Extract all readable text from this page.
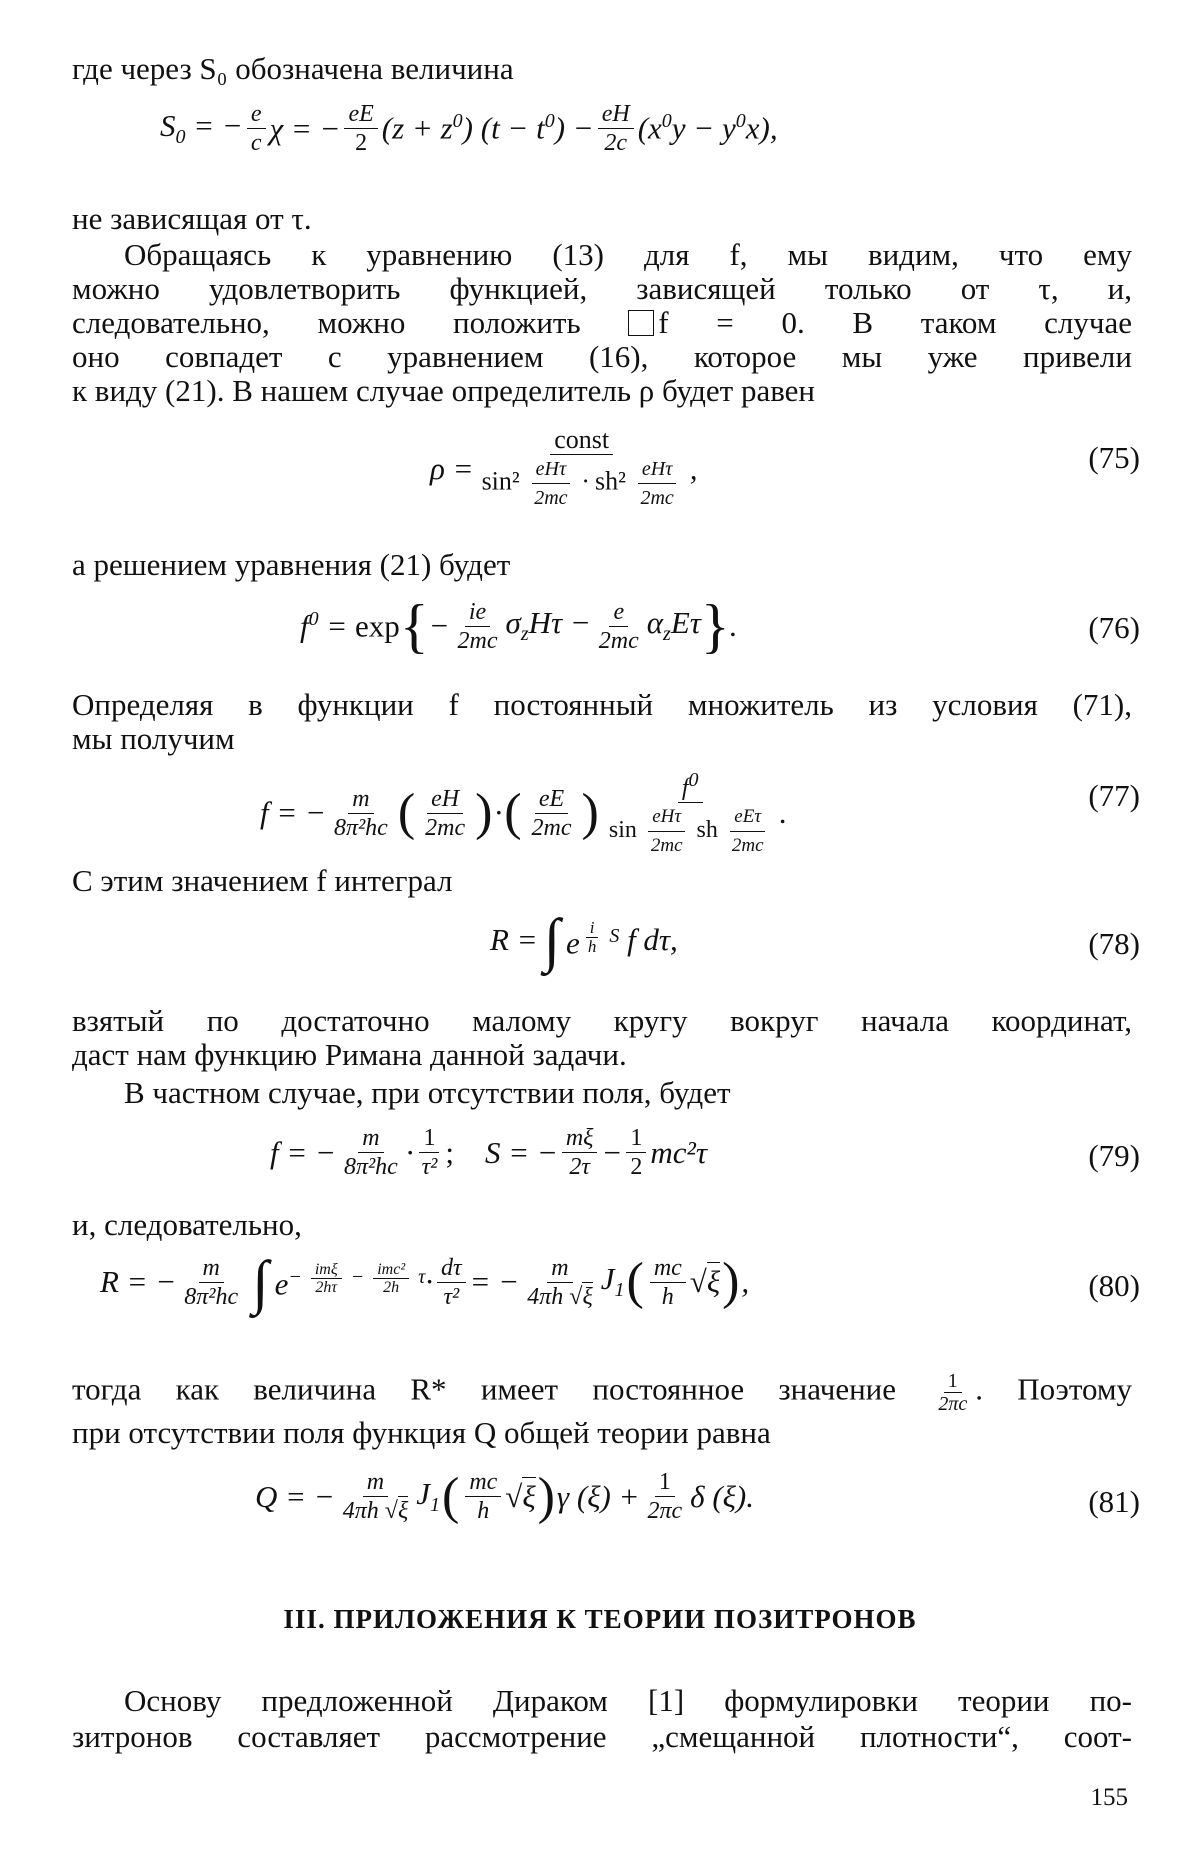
где через S₀ обозначена величина
$S_0$ = − $\frac{e}{c}$ χ = − $\frac{eE}{2} (z + z^0) (t - t^0) - \frac{eH}{2c} (x^0y - y^0x)$,
не зависящая от τ.
Обращаясь к уравнению (13) для f, мы видим, что ему
можно удовлетворить функцией, зависящей только от τ, и,
следовательно, можно положить	f = 0. В таком случае
оно совпадет с уравнением (16), которое мы уже привели
к виду (21). В нашем случае определитель ρ будет равен
$\rho = \frac{\text{const}}{\sin^2 \frac{\text{eHτ}}{2mc} \cdot sh^2 \frac{\text{eHτ}}{2mc}}$ ,	(75)
а решением уравнения (21) будет
$f^0 = \exp$ { − $\frac{ie}{2mc} \sigma_zH\tau - \frac{e}{2mc} \alpha_zE\tau$ } .	(76)
Определяя в функции f постоянный множитель из условия (71),
мы получим
f = − $\frac{m}{\text{8π²hc}}$ ( $\frac{eH}{2mc}$ ) · ( $\frac{eE}{2mc}$ ) $\frac{f^0}{\sin \frac{\text{eHτ}}{2mc} sh \frac{\text{eEτ}}{2mc}}$ .	(77)
С этим значением f интеграл
R = ∫ e $^{\frac{i}{h} S}$ f dτ,	(78)
взятый по достаточно малому кругу вокруг начала координат,
даст нам функцию Римана данной задачи.
В частном случае, при отсутствии поля, будет
f = − $\frac{m}{\text{8π²hc}} \cdot \frac{1}{\text{τ²}}$ ; S = − $\frac{m\xi}{2\tau} - \frac{1}{2} mc^2\tau$	(79)
и, следовательно,
R = − $\frac{m}{\text{8π²hc}}$ ∫ $e^{- \frac{\text{imξ}}{2h\tau} - \frac{\text{imc²}}{2h} \tau} \cdot \frac{d\tau}{\text{τ²}}$ = − $\frac{m}{4\pi h √\xi} J_1$ ( $\frac{mc}{h} √\xi$ ) ,	(80)
тогда как величина R* имеет постоянное значение $\frac{1}{2\pi c}$ . Поэтому
при отсутствии поля функция Q общей теории равна
Q = − $\frac{m}{4\pi h √\xi} J_1$ ( $\frac{mc}{h} √\xi$ ) γ $(\xi) + \frac{1}{2\pi c}$ δ (ξ).	(81)
III. ПРИЛОЖЕНИЯ К ТЕОРИИ ПОЗИТРОНОВ
Основу предложенной Дираком [1] формулировки теории по-
зитронов составляет рассмотрение „смещанной плотности“, соот-
155
